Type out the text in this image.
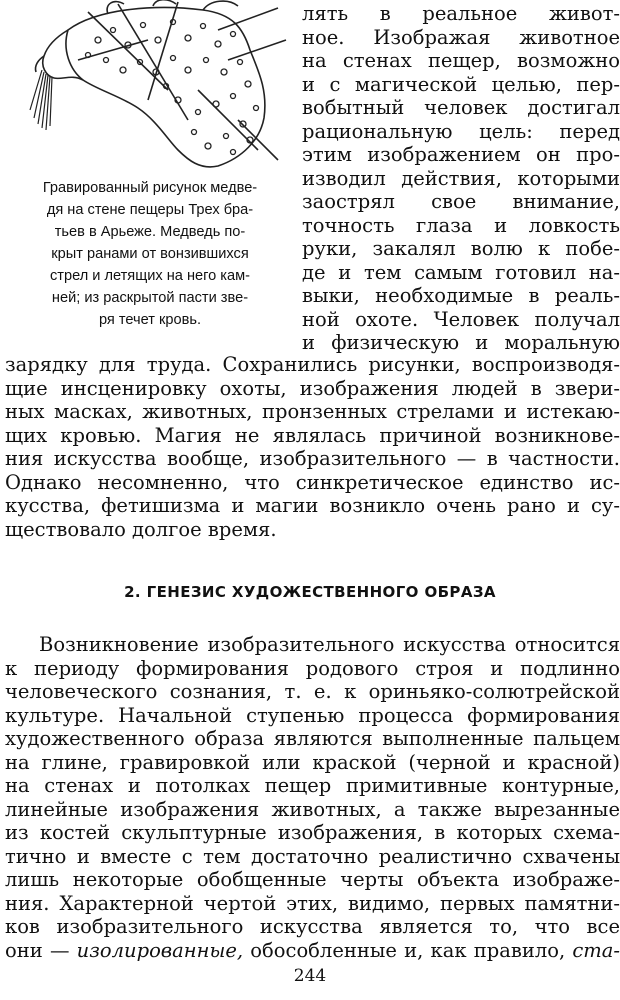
Гравированный рисунок медве-
дя на стене пещеры Трех бра-
тьев в Арьеже. Медведь по-
крыт ранами от вонзившихся
стрел и летящих на него кам-
ней; из раскрытой пасти зве-
ря течет кровь.
лять в реальное живот-
ное. Изображая животное
на стенах пещер, возможно
и с магической целью, пер-
вобытный человек достигал
рациональную цель: перед
этим изображением он про-
изводил действия, которыми
заострял свое внимание,
точность глаза и ловкость
руки, закалял волю к побе-
де и тем самым готовил на-
выки, необходимые в реаль-
ной охоте. Человек получал
и физическую и моральную
зарядку для труда. Сохранились рисунки, воспроизводя-
щие инсценировку охоты, изображения людей в звери-
ных масках, животных, пронзенных стрелами и истекаю-
щих кровью. Магия не являлась причиной возникнове-
ния искусства вообще, изобразительного — в частности.
Однако несомненно, что синкретическое единство ис-
кусства, фетишизма и магии возникло очень рано и су-
ществовало долгое время.
2. ГЕНЕЗИС ХУДОЖЕСТВЕННОГО ОБРАЗА
Возникновение изобразительного искусства относится
к периоду формирования родового строя и подлинно
человеческого сознания, т. е. к ориньяко-солютрейской
культуре. Начальной ступенью процесса формирования
художественного образа являются выполненные пальцем
на глине, гравировкой или краской (черной и красной)
на стенах и потолках пещер примитивные контурные,
линейные изображения животных, а также вырезанные
из костей скульптурные изображения, в которых схема-
тично и вместе с тем достаточно реалистично схвачены
лишь некоторые обобщенные черты объекта изображе-
ния. Характерной чертой этих, видимо, первых памятни-
ков изобразительного искусства является то, что все
они — изолированные, обособленные и, как правило, ста-
244
